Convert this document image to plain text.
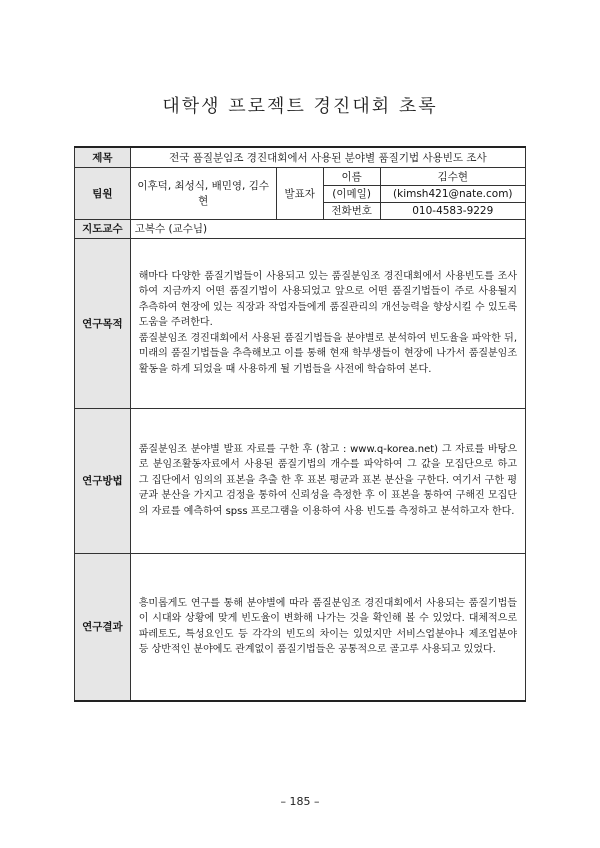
대학생 프로젝트 경진대회 초록
제목	전국 품질분임조 경진대회에서 사용된 분야별 품질기법 사용빈도 조사			
팀원	이후덕, 최성식, 배민영, 김수현	발표자	이름	김수현
			(이메일)	(kimsh421@nate.com)
			전화번호	010-4583-9229
지도교수	고복수 (교수님)			
연구목적	해마다 다양한 품질기법들이 사용되고 있는 품질분임조 경진대회에서 사용빈도를 조사하여 지금까지 어떤 품질기법이 사용되었고 앞으로 어떤 품질기법들이 주로 사용될지 추측하여 현장에 있는 직장과 작업자들에게 품질관리의 개선능력을 향상시킬 수 있도록 도움을 주려한다.

품질분임조 경진대회에서 사용된 품질기법들을 분야별로 분석하여 빈도율을 파악한 뒤, 미래의 품질기법들을 추측해보고 이를 통해 현재 학부생들이 현장에 나가서 품질분임조 활동을 하게 되었을 때 사용하게 될 기법들을 사전에 학습하여 본다.			

연구방법	품질분임조 분야별 발표 자료를 구한 후 (참고 : www.q-korea.net) 그 자료를 바탕으로 분임조활동자료에서 사용된 품질기법의 개수를 파악하여 그 값을 모집단으로 하고 그 집단에서 임의의 표본을 추출 한 후 표본 평균과 표본 분산을 구한다. 여기서 구한 평균과 분산을 가지고 검정을 통하여 신뢰성을 측정한 후 이 표본을 통하여 구해진 모집단의 자료를 예측하여 spss 프로그램을 이용하여 사용 빈도를 측정하고 분석하고자 한다.			

연구결과	흥미롭게도 연구를 통해 분야별에 따라 품질분임조 경진대회에서 사용되는 품질기법들이 시대와 상황에 맞게 빈도율이 변화해 나가는 것을 확인해 볼 수 있었다. 대체적으로 파레토도, 특성요인도 등 각각의 빈도의 차이는 있었지만 서비스업분야나 제조업분야 등 상반적인 분야에도 관계없이 품질기법들은 공통적으로 골고루 사용되고 있었다.			

– 185 –
